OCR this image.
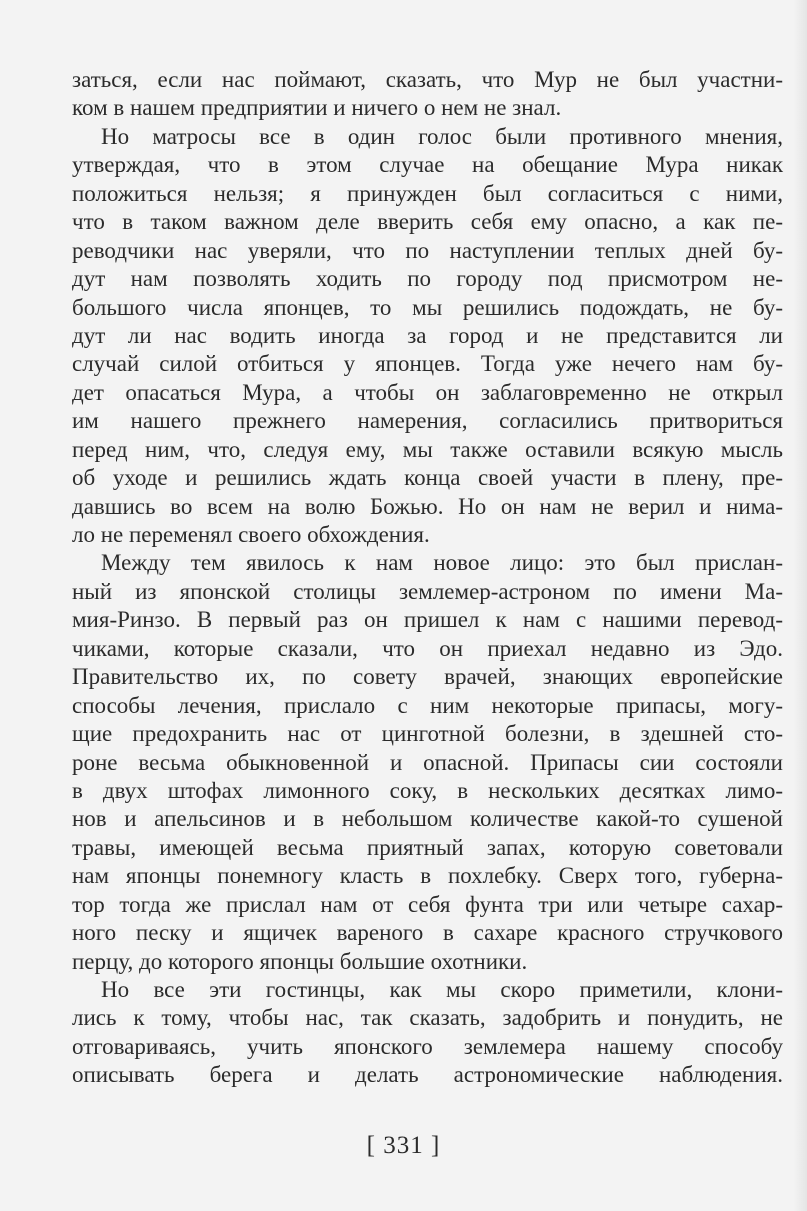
заться, если нас поймают, сказать, что Мур не был участни-
ком в нашем предприятии и ничего о нем не знал.
Но матросы все в один голос были противного мнения,
утверждая, что в этом случае на обещание Мура никак
положиться нельзя; я принужден был согласиться с ними,
что в таком важном деле вверить себя ему опасно, а как пе-
реводчики нас уверяли, что по наступлении теплых дней бу-
дут нам позволять ходить по городу под присмотром не-
большого числа японцев, то мы решились подождать, не бу-
дут ли нас водить иногда за город и не представится ли
случай силой отбиться у японцев. Тогда уже нечего нам бу-
дет опасаться Мура, а чтобы он заблаговременно не открыл
им нашего прежнего намерения, согласились притвориться
перед ним, что, следуя ему, мы также оставили всякую мысль
об уходе и решились ждать конца своей участи в плену, пре-
давшись во всем на волю Божью. Но он нам не верил и нима-
ло не переменял своего обхождения.
Между тем явилось к нам новое лицо: это был прислан-
ный из японской столицы землемер-астроном по имени Ма-
мия-Ринзо. В первый раз он пришел к нам с нашими перевод-
чиками, которые сказали, что он приехал недавно из Эдо.
Правительство их, по совету врачей, знающих европейские
способы лечения, прислало с ним некоторые припасы, могу-
щие предохранить нас от цинготной болезни, в здешней сто-
роне весьма обыкновенной и опасной. Припасы сии состояли
в двух штофах лимонного соку, в нескольких десятках лимо-
нов и апельсинов и в небольшом количестве какой-то сушеной
травы, имеющей весьма приятный запах, которую советовали
нам японцы понемногу класть в похлебку. Сверх того, губерна-
тор тогда же прислал нам от себя фунта три или четыре сахар-
ного песку и ящичек вареного в сахаре красного стручкового
перцу, до которого японцы большие охотники.
Но все эти гостинцы, как мы скоро приметили, клони-
лись к тому, чтобы нас, так сказать, задобрить и понудить, не
отговариваясь, учить японского землемера нашему способу
описывать берега и делать астрономические наблюдения.
[ 331 ]
